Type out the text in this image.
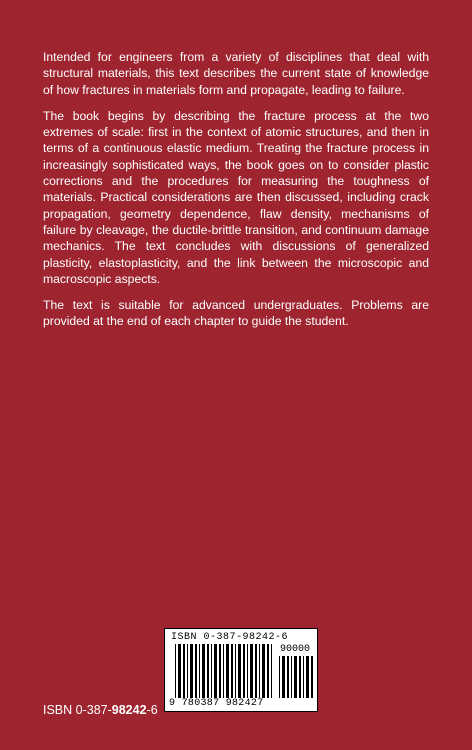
Intended for engineers from a variety of disciplines that deal with structural materials, this text describes the current state of knowledge of how fractures in materials form and propagate, leading to failure.

The book begins by describing the fracture process at the two extremes of scale: first in the context of atomic structures, and then in terms of a continuous elastic medium. Treating the fracture process in increasingly sophisticated ways, the book goes on to consider plastic corrections and the procedures for measuring the toughness of materials. Practical considerations are then discussed, including crack propagation, geometry dependence, flaw density, mechanisms of failure by cleavage, the ductile-brittle transition, and continuum damage mechanics. The text concludes with discussions of generalized plasticity, elastoplasticity, and the link between the microscopic and macroscopic aspects.

The text is suitable for advanced undergraduates. Problems are provided at the end of each chapter to guide the student.

ISBN 0-387-98242-6
90000
9 780387 982427
ISBN 0-387-98242-6
